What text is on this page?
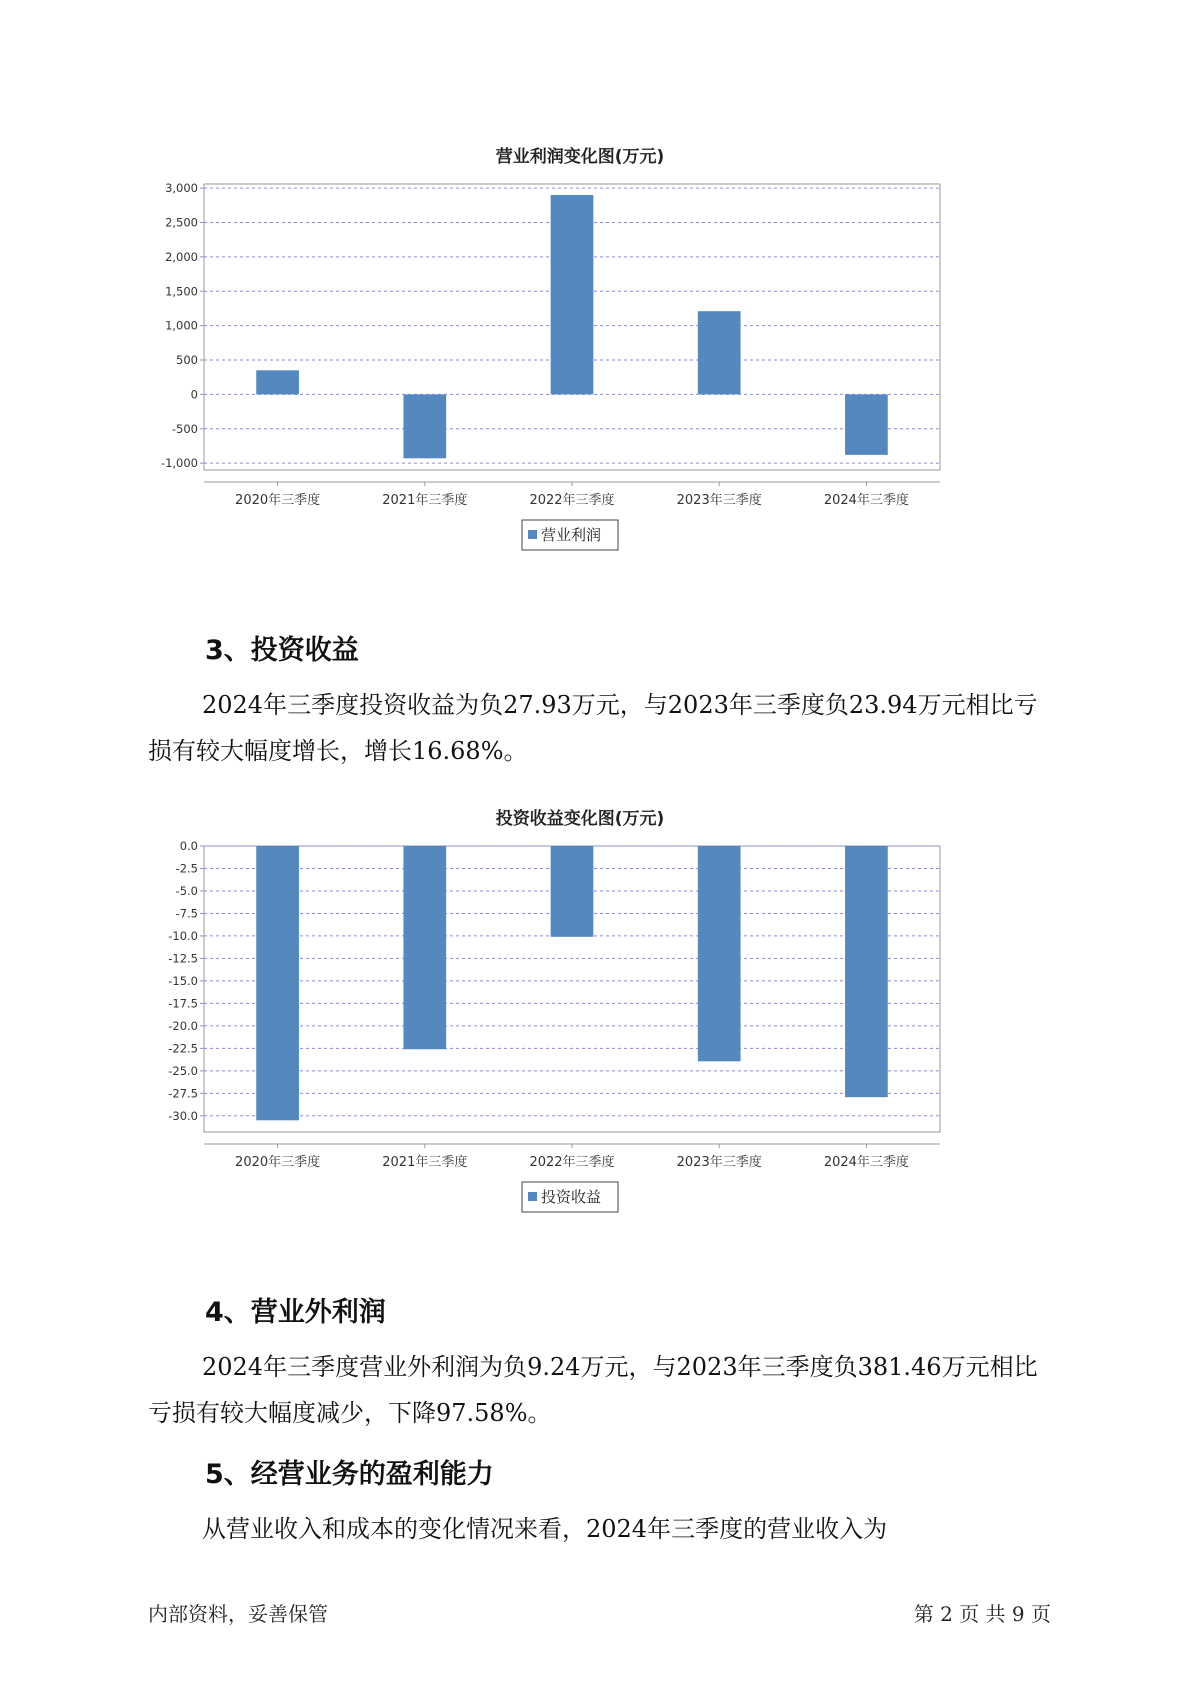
营业利润变化图(万元)
3,000
2,500
2,000
1,500
1,000
500
0
-500
-1,000
2020年三季度	2021年三季度	2022年三季度	2023年三季度	2024年三季度
营业利润
3、投资收益

2024年三季度投资收益为负27.93万元，与2023年三季度负23.94万元相比亏损有较大幅度增长，增长16.68%。

投资收益变化图(万元)
0.0
-2.5
-5.0
-7.5
-10.0
-12.5
-15.0
-17.5
-20.0
-22.5
-25.0
-27.5
-30.0
2020年三季度	2021年三季度	2022年三季度	2023年三季度	2024年三季度
投资收益
4、营业外利润

2024年三季度营业外利润为负9.24万元，与2023年三季度负381.46万元相比亏损有较大幅度减少，下降97.58%。

5、经营业务的盈利能力

从营业收入和成本的变化情况来看，2024年三季度的营业收入为

内部资料，妥善保管	第 2 页 共 9 页
